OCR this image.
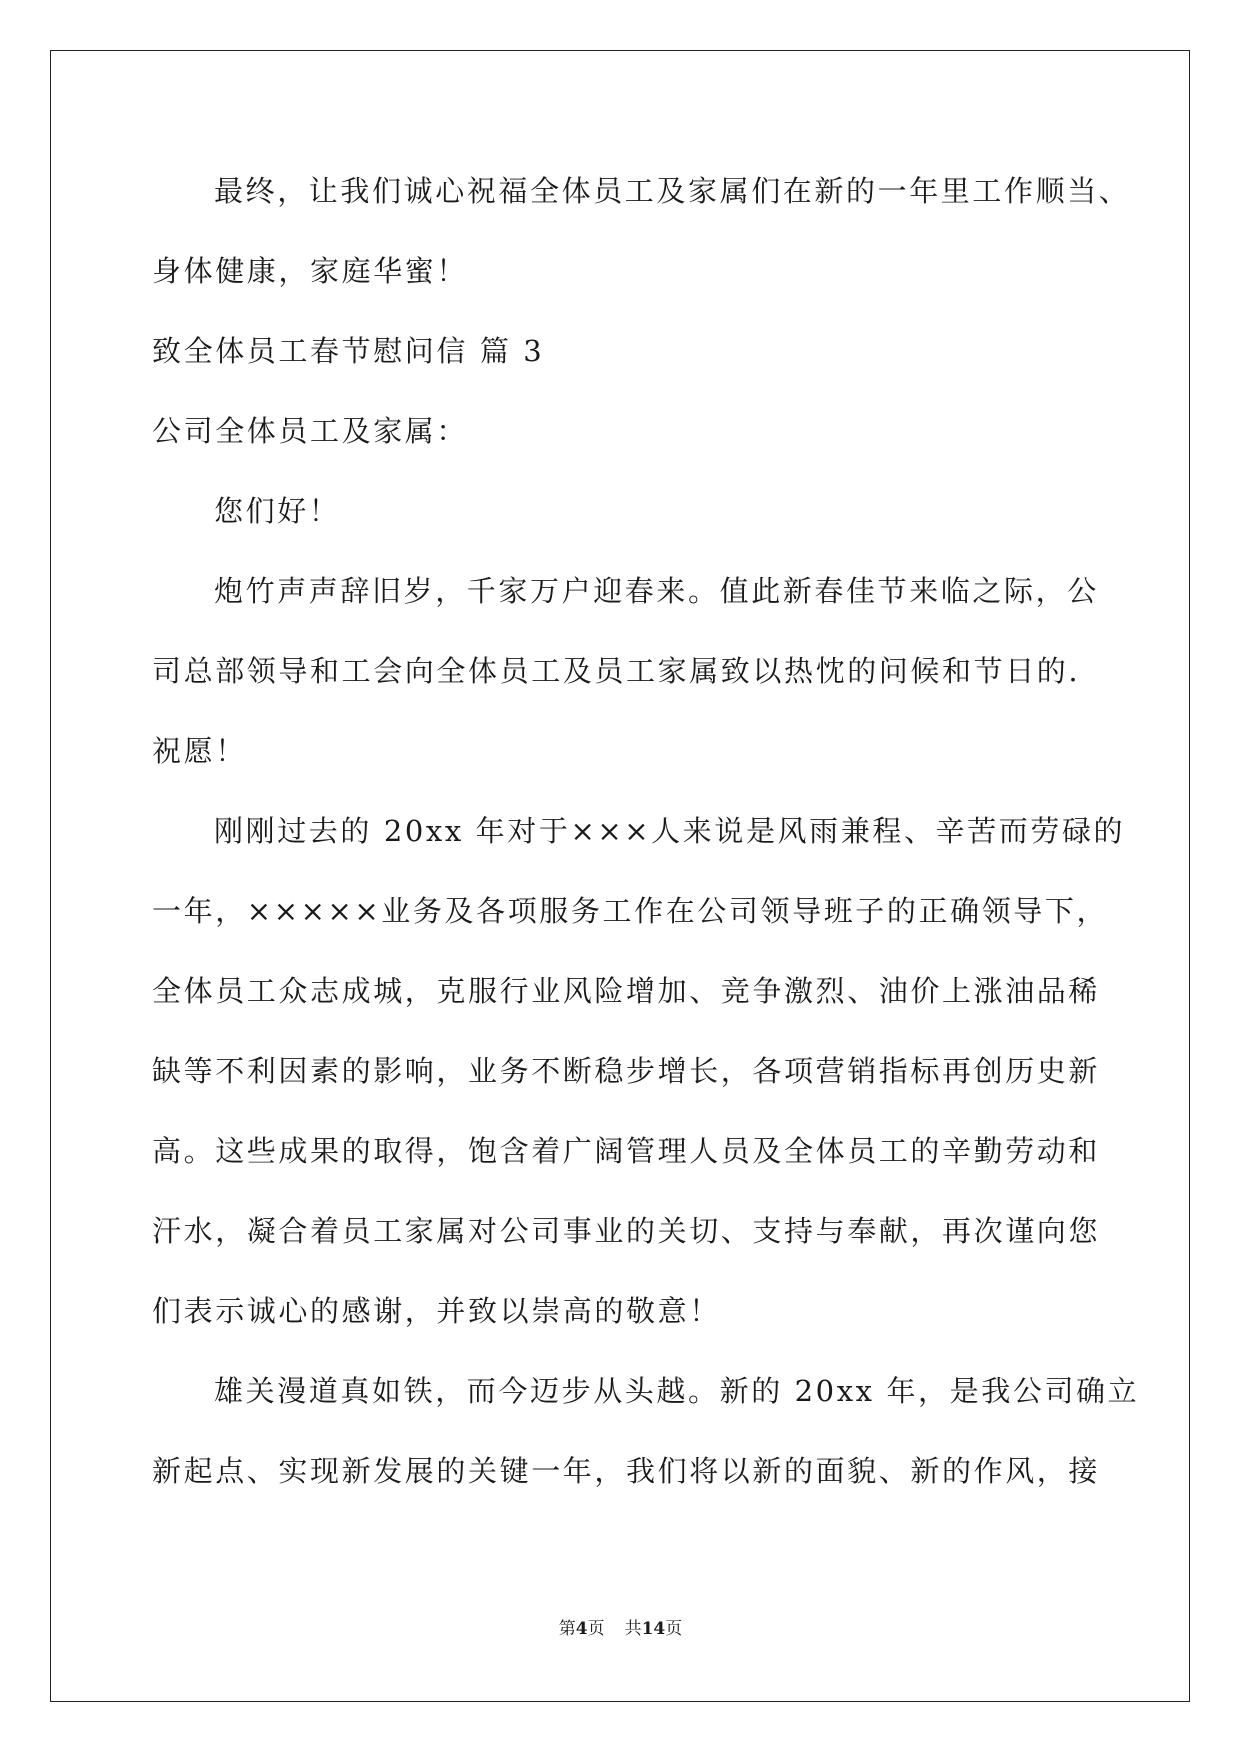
最终，让我们诚心祝福全体员工及家属们在新的一年里工作顺当、
身体健康，家庭华蜜！
致全体员工春节慰问信 篇 3
公司全体员工及家属：
您们好！
炮竹声声辞旧岁，千家万户迎春来。值此新春佳节来临之际，公
司总部领导和工会向全体员工及员工家属致以热忱的问候和节日的.
祝愿！
刚刚过去的 20xx 年对于×××人来说是风雨兼程、辛苦而劳碌的
一年，×××××业务及各项服务工作在公司领导班子的正确领导下，
全体员工众志成城，克服行业风险增加、竞争激烈、油价上涨油品稀
缺等不利因素的影响，业务不断稳步增长，各项营销指标再创历史新
高。这些成果的取得，饱含着广阔管理人员及全体员工的辛勤劳动和
汗水，凝合着员工家属对公司事业的关切、支持与奉献，再次谨向您
们表示诚心的感谢，并致以崇高的敬意！
雄关漫道真如铁，而今迈步从头越。新的 20xx 年，是我公司确立
新起点、实现新发展的关键一年，我们将以新的面貌、新的作风，接
第4页 共14页
